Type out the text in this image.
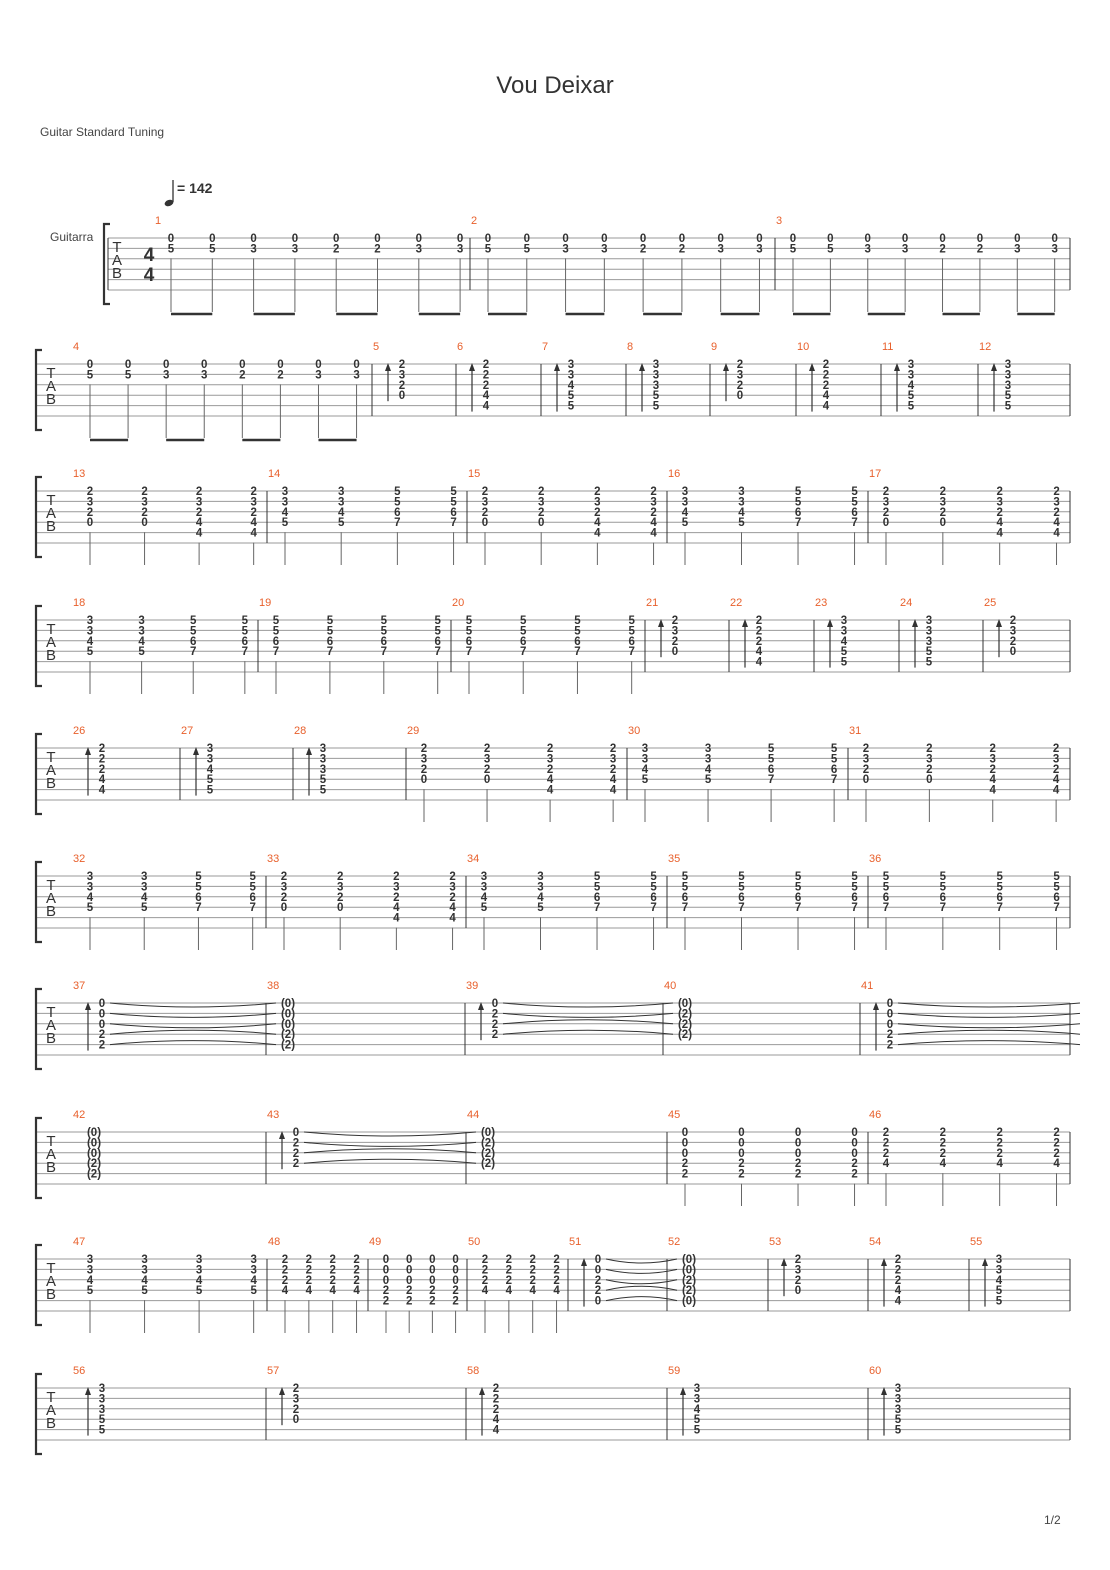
Vou Deixar
Guitar Standard Tuning
= 142
Guitarra
1/2
T
A
B
4
4
1
0
5
0
5
0
3
0
3
0
2
0
2
0
3
0
3
2
0
5
0
5
0
3
0
3
0
2
0
2
0
3
0
3
3
0
5
0
5
0
3
0
3
0
2
0
2
0
3
0
3
T
A
B
4
0
5
0
5
0
3
0
3
0
2
0
2
0
3
0
3
5
2
3
2
0
6
2
2
2
4
4
7
3
3
4
5
5
8
3
3
3
5
5
9
2
3
2
0
10
2
2
2
4
4
11
3
3
4
5
5
12
3
3
3
5
5
T
A
B
13
2
3
2
0
2
3
2
0
2
3
2
4
4
2
3
2
4
4
14
3
3
4
5
3
3
4
5
5
5
6
7
5
5
6
7
15
2
3
2
0
2
3
2
0
2
3
2
4
4
2
3
2
4
4
16
3
3
4
5
3
3
4
5
5
5
6
7
5
5
6
7
17
2
3
2
0
2
3
2
0
2
3
2
4
4
2
3
2
4
4
T
A
B
18
3
3
4
5
3
3
4
5
5
5
6
7
5
5
6
7
19
5
5
6
7
5
5
6
7
5
5
6
7
5
5
6
7
20
5
5
6
7
5
5
6
7
5
5
6
7
5
5
6
7
21
2
3
2
0
22
2
2
2
4
4
23
3
3
4
5
5
24
3
3
3
5
5
25
2
3
2
0
T
A
B
26
2
2
2
4
4
27
3
3
4
5
5
28
3
3
3
5
5
29
2
3
2
0
2
3
2
0
2
3
2
4
4
2
3
2
4
4
30
3
3
4
5
3
3
4
5
5
5
6
7
5
5
6
7
31
2
3
2
0
2
3
2
0
2
3
2
4
4
2
3
2
4
4
T
A
B
32
3
3
4
5
3
3
4
5
5
5
6
7
5
5
6
7
33
2
3
2
0
2
3
2
0
2
3
2
4
4
2
3
2
4
4
34
3
3
4
5
3
3
4
5
5
5
6
7
5
5
6
7
35
5
5
6
7
5
5
6
7
5
5
6
7
5
5
6
7
36
5
5
6
7
5
5
6
7
5
5
6
7
5
5
6
7
T
A
B
37
0
0
0
2
2
38
(0)
(0)
(0)
(2)
(2)
39
0
2
2
2
40
(0)
(2)
(2)
(2)
41
0
0
0
2
2
T
A
B
42
(0)
(0)
(0)
(2)
(2)
43
0
2
2
2
44
(0)
(2)
(2)
(2)
45
0
0
0
2
2
0
0
0
2
2
0
0
0
2
2
0
0
0
2
2
46
2
2
2
4
2
2
2
4
2
2
2
4
2
2
2
4
T
A
B
47
3
3
4
5
3
3
4
5
3
3
4
5
3
3
4
5
48
2
2
2
4
2
2
2
4
2
2
2
4
2
2
2
4
49
0
0
0
2
2
0
0
0
2
2
0
0
0
2
2
0
0
0
2
2
50
2
2
2
4
2
2
2
4
2
2
2
4
2
2
2
4
51
0
0
2
2
0
52
(0)
(0)
(2)
(2)
(0)
53
2
3
2
0
54
2
2
2
4
4
55
3
3
4
5
5
T
A
B
56
3
3
3
5
5
57
2
3
2
0
58
2
2
2
4
4
59
3
3
4
5
5
60
3
3
3
5
5
